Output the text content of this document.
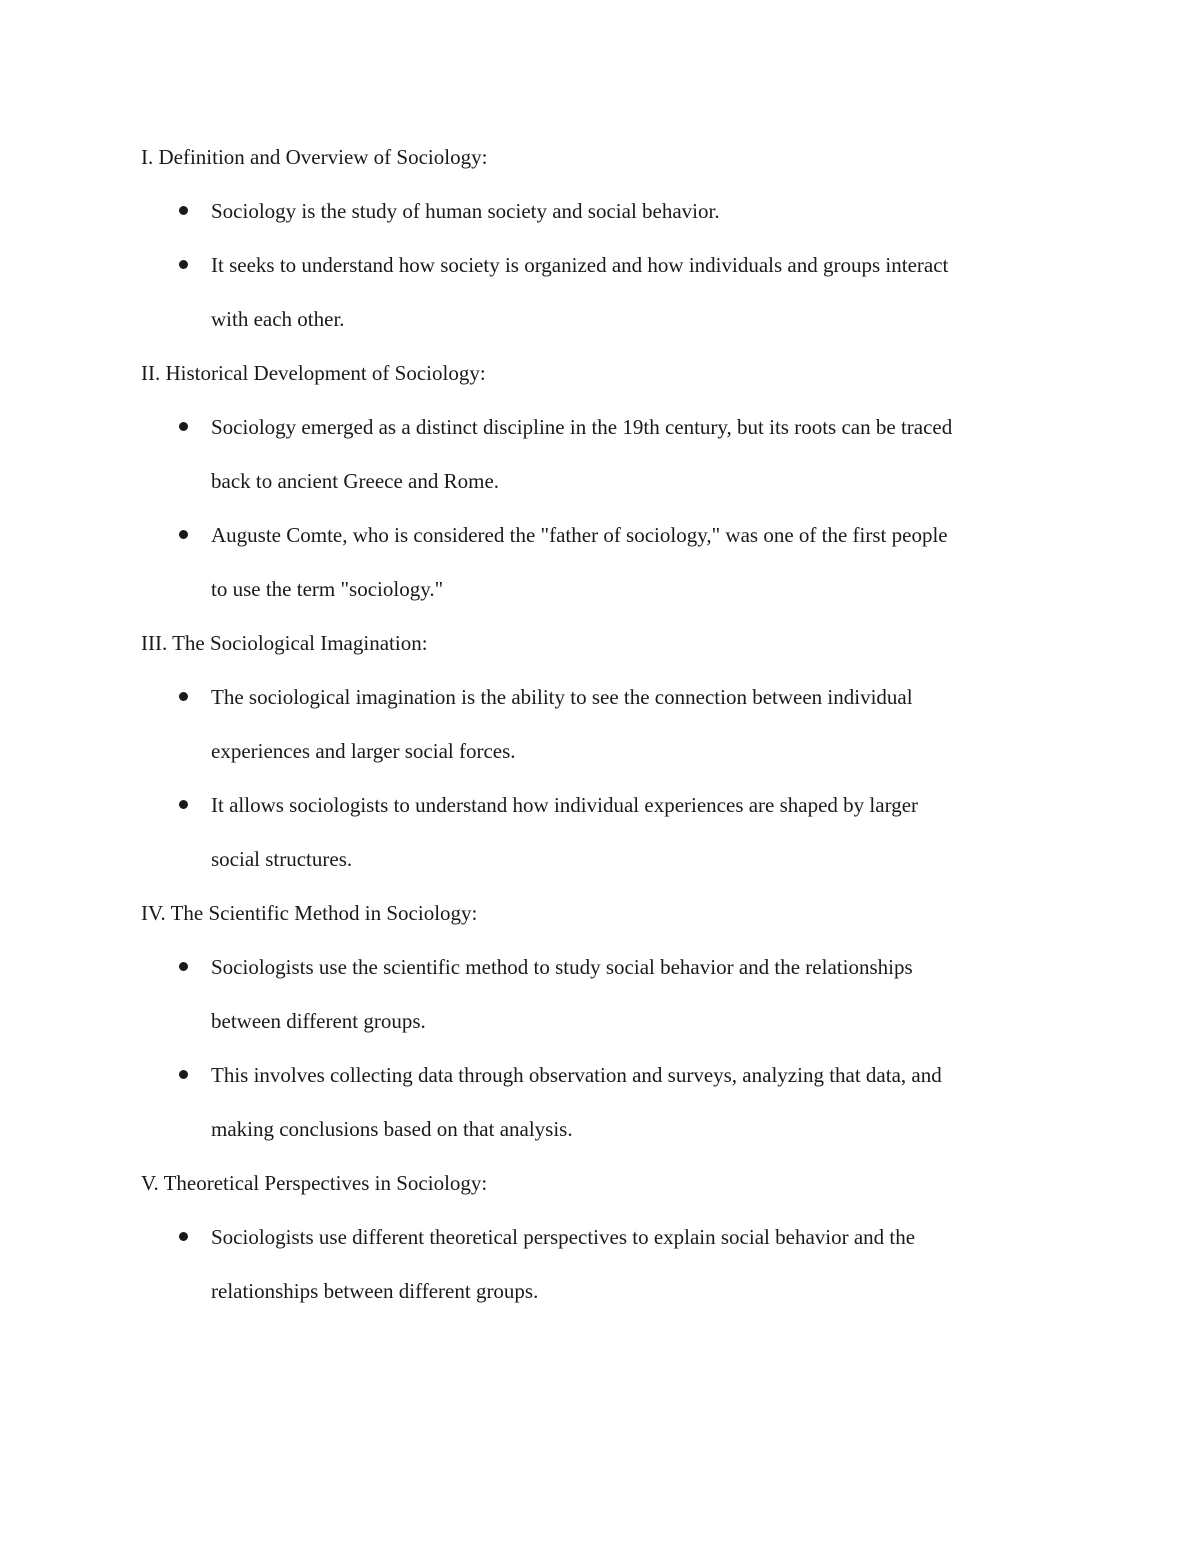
I. Definition and Overview of Sociology:

Sociology is the study of human society and social behavior.
It seeks to understand how society is organized and how individuals and groups interact
with each other.

II. Historical Development of Sociology:

Sociology emerged as a distinct discipline in the 19th century, but its roots can be traced
back to ancient Greece and Rome.
Auguste Comte, who is considered the "father of sociology," was one of the first people
to use the term "sociology."

III. The Sociological Imagination:

The sociological imagination is the ability to see the connection between individual
experiences and larger social forces.
It allows sociologists to understand how individual experiences are shaped by larger
social structures.

IV. The Scientific Method in Sociology:

Sociologists use the scientific method to study social behavior and the relationships
between different groups.
This involves collecting data through observation and surveys, analyzing that data, and
making conclusions based on that analysis.

V. Theoretical Perspectives in Sociology:

Sociologists use different theoretical perspectives to explain social behavior and the
relationships between different groups.
